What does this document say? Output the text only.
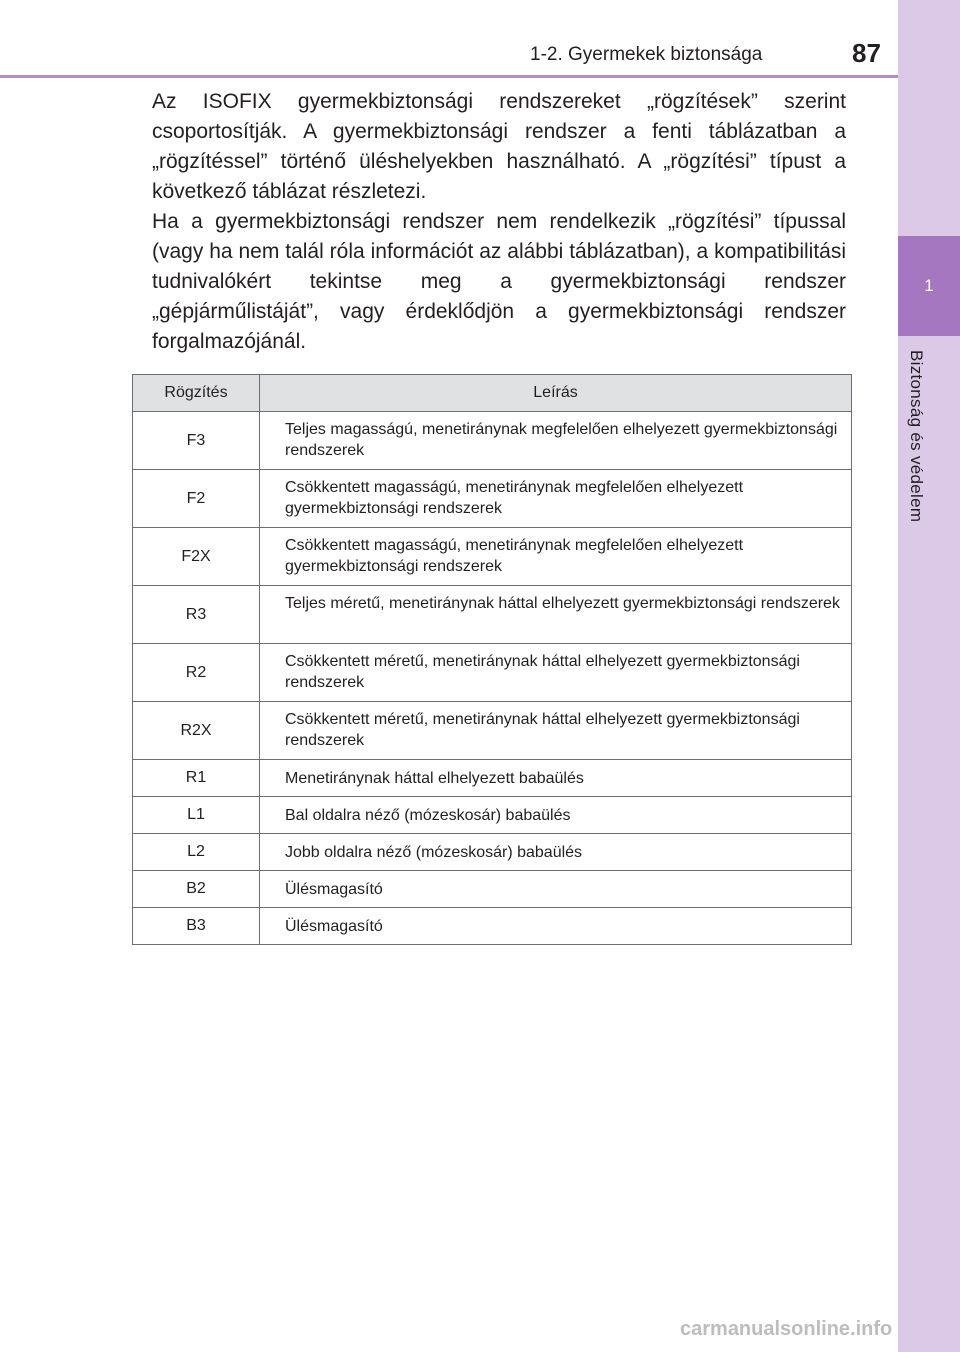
1-2. Gyermekek biztonsága	87
1
Biztonság és védelem

Az ISOFIX gyermekbiztonsági rendszereket „rögzítések” szerint csoportosítják. A gyermekbiztonsági rendszer a fenti táblázatban a „rögzítéssel” történő üléshelyekben használható. A „rögzítési” típust a következő táblázat részletezi.

Ha a gyermekbiztonsági rendszer nem rendelkezik „rögzítési” típussal (vagy ha nem talál róla információt az alábbi táblázatban), a kompatibilitási tudnivalókért tekintse meg a gyermekbiztonsági rendszer „gépjárműlistáját”, vagy érdeklődjön a gyermekbiztonsági rendszer forgalmazójánál.

Rögzítés	Leírás
F3	Teljes magasságú, menetiránynak megfelelően elhelyezett gyermekbiztonsági rendszerek
F2	Csökkentett magasságú, menetiránynak megfelelően elhelyezett gyermekbiztonsági rendszerek
F2X	Csökkentett magasságú, menetiránynak megfelelően elhelyezett gyermekbiztonsági rendszerek
R3	Teljes méretű, menetiránynak háttal elhelyezett gyermekbiztonsági rendszerek
R2	Csökkentett méretű, menetiránynak háttal elhelyezett gyermekbiztonsági rendszerek
R2X	Csökkentett méretű, menetiránynak háttal elhelyezett gyermekbiztonsági rendszerek
R1	Menetiránynak háttal elhelyezett babaülés
L1	Bal oldalra néző (mózeskosár) babaülés
L2	Jobb oldalra néző (mózeskosár) babaülés
B2	Ülésmagasító
B3	Ülésmagasító
carmanualsonline.info
